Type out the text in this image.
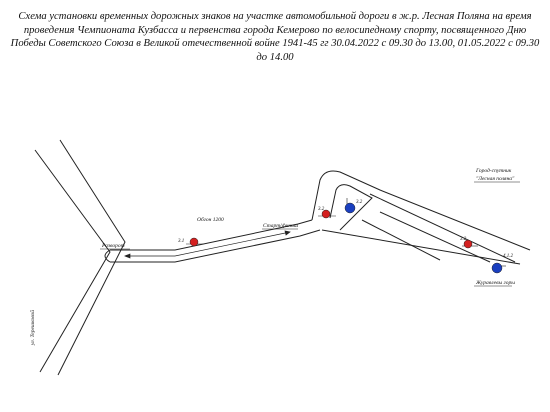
Схема установки временных дорожных знаков на участке автомобильной дороги в ж.р. Лесная Поляна на время проведения Чемпионата Кузбасса и первенства города Кемерово по велосипедному спорту, посвященного Дню Победы Советского Союза в Великой отечественной войне 1941-45 гг 30.04.2022 с 09.30 до 13.00, 01.05.2022 с 09.30 до 14.00
3.1
3.2
3.2
3.2
4.1.2
ул. Терешковой
Разворот
Обгон 1200
Старт/финиш
Город-спутник
"Лесная поляна"
Журавлевы горы
